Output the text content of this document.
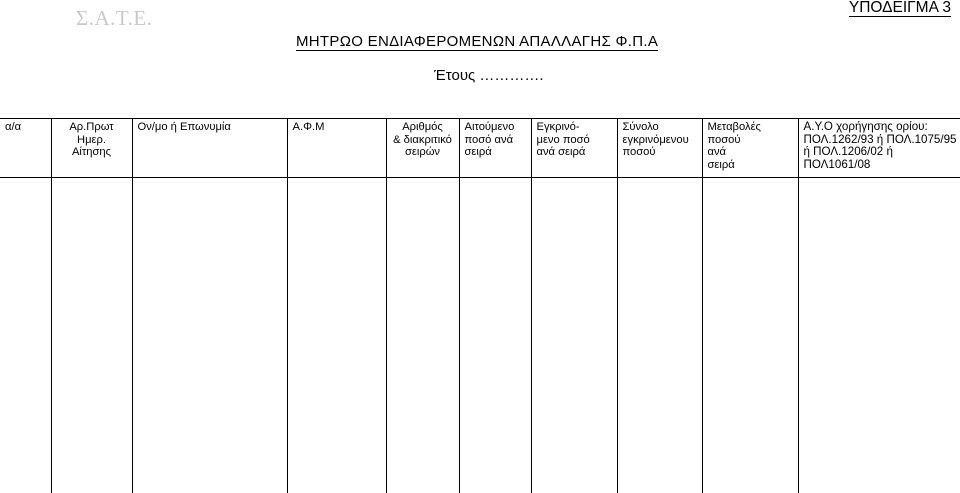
Σ.Α.Τ.Ε.	ΥΠΟΔΕΙΓΜΑ 3
ΜΗΤΡΩΟ ΕΝΔΙΑΦΕΡΟΜΕΝΩΝ ΑΠΑΛΛΑΓΗΣ Φ.Π.Α
Έτους ………….
α/α	Αρ.Πρωτ
Ημερ.
Αίτησης	Ον/μο ή Επωνυμία	Α.Φ.Μ	Αριθμός
& διακριτικό
σειρών	Αιτούμενο
ποσό ανά
σειρά	Εγκρινό-
μενο ποσό
ανά σειρά	Σύνολο
εγκρινόμενου
ποσού	Μεταβολές
ποσού
ανά
σειρά	Α.Υ.Ο χορήγησης ορίου:
ΠΟΛ.1262/93 ή ΠΟΛ.1075/95
ή ΠΟΛ.1206/02 ή
ΠΟΛ1061/08
